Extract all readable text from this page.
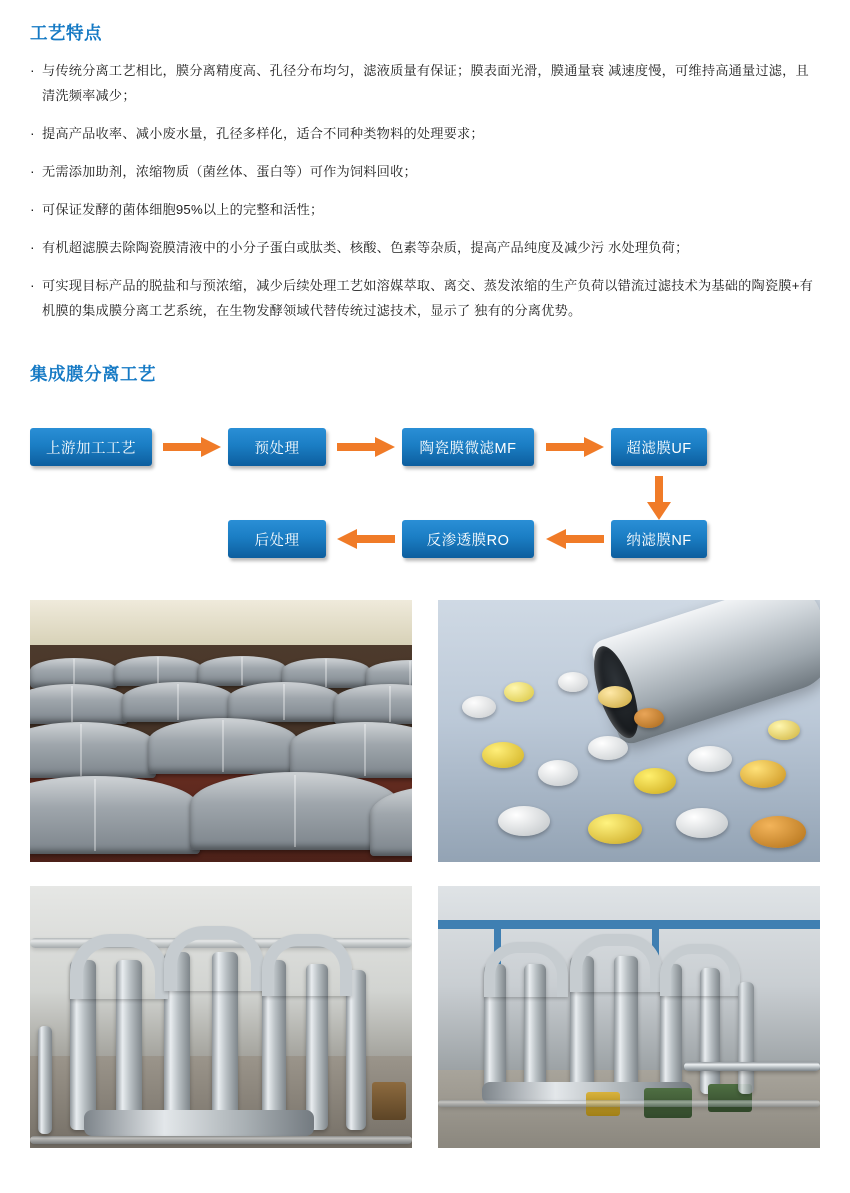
工艺特点
· 与传统分离工艺相比，膜分离精度高、孔径分布均匀，滤液质量有保证；膜表面光滑，膜通量衰 减速度慢，可维持高通量过滤，且清洗频率减少；
· 提高产品收率、减小废水量，孔径多样化，适合不同种类物料的处理要求；
· 无需添加助剂，浓缩物质（菌丝体、蛋白等）可作为饲料回收；
· 可保证发酵的菌体细胞95%以上的完整和活性；
· 有机超滤膜去除陶瓷膜清液中的小分子蛋白或肽类、核酸、色素等杂质，提高产品纯度及减少污 水处理负荷；
· 可实现目标产品的脱盐和与预浓缩，减少后续处理工艺如溶媒萃取、离交、蒸发浓缩的生产负荷以错流过滤技术为基础的陶瓷膜+有机膜的集成膜分离工艺系统，在生物发酵领域代替传统过滤技术，显示了 独有的分离优势。
集成膜分离工艺
上游加工工艺	预处理	陶瓷膜微滤MF	超滤膜UF
纳滤膜NF
反渗透膜RO
后处理
